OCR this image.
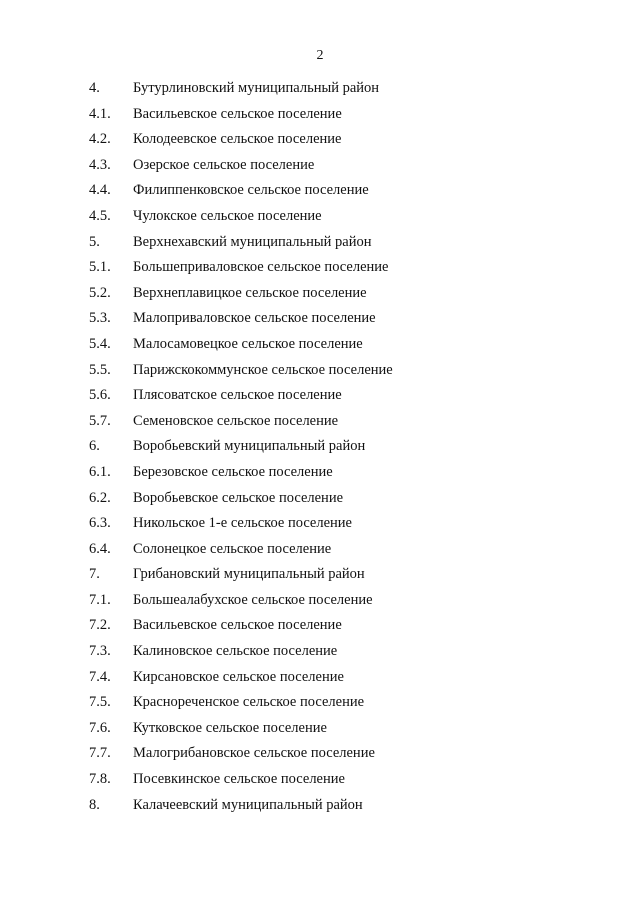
2
4. Бутурлиновский муниципальный район
4.1. Васильевское сельское поселение
4.2. Колодеевское сельское поселение
4.3. Озерское сельское поселение
4.4. Филиппенковское сельское поселение
4.5. Чулокское сельское поселение
5. Верхнехавский муниципальный район
5.1. Большеприваловское сельское поселение
5.2. Верхнеплавицкое сельское поселение
5.3. Малоприваловское сельское поселение
5.4. Малосамовецкое сельское поселение
5.5. Парижскокоммунское сельское поселение
5.6. Плясоватское сельское поселение
5.7. Семеновское сельское поселение
6. Воробьевский муниципальный район
6.1. Березовское сельское поселение
6.2. Воробьевское сельское поселение
6.3. Никольское 1-е сельское поселение
6.4. Солонецкое сельское поселение
7. Грибановский муниципальный район
7.1. Большеалабухское сельское поселение
7.2. Васильевское сельское поселение
7.3. Калиновское сельское поселение
7.4. Кирсановское сельское поселение
7.5. Краснореченское сельское поселение
7.6. Кутковское сельское поселение
7.7. Малогрибановское сельское поселение
7.8. Посевкинское сельское поселение
8. Калачеевский муниципальный район
